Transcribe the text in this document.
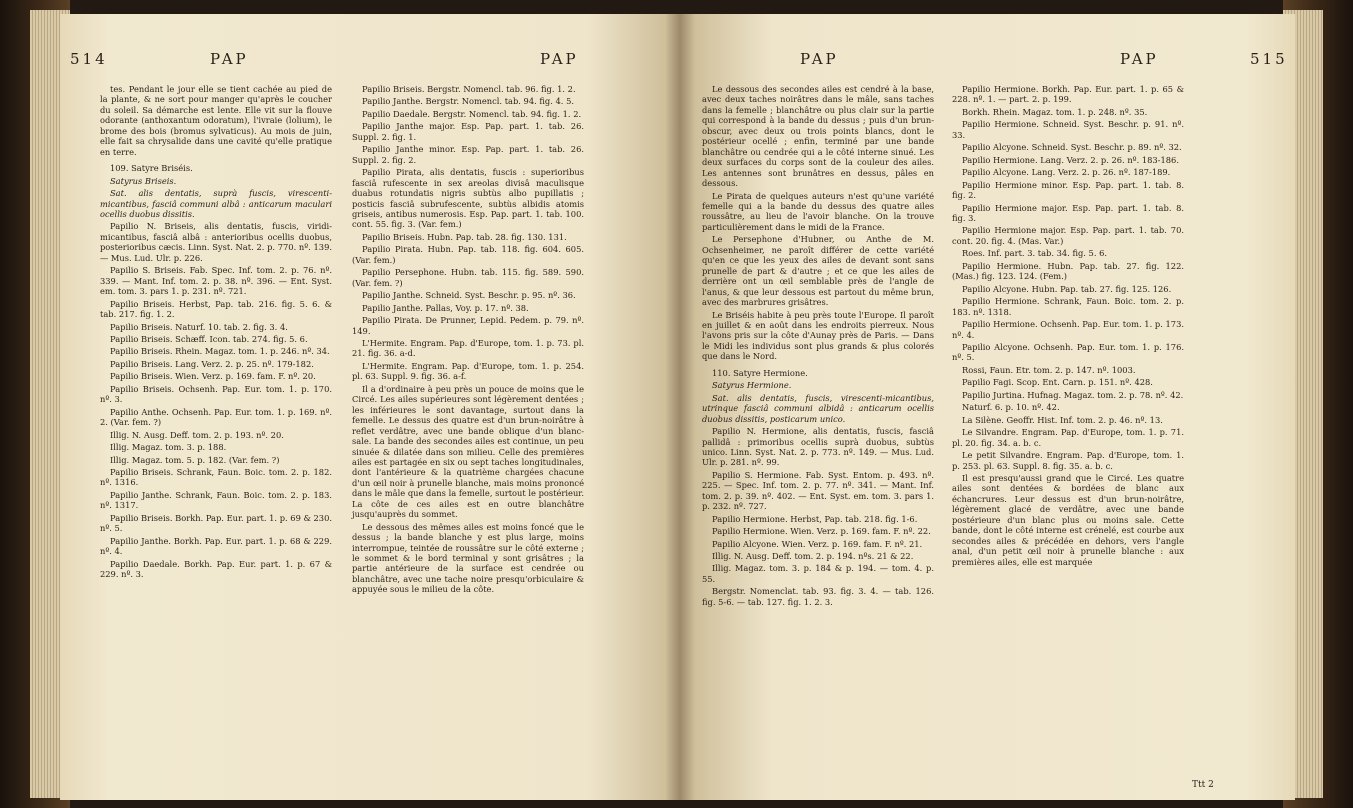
514	PAP	PAP

tes. Pendant le jour elle se tient cachée au pied de la plante, & ne sort pour manger qu'après le coucher du soleil. Sa démarche est lente. Elle vit sur la flouve odorante (anthoxantum odoratum), l'ivraie (lolium), le brome des bois (bromus sylvaticus). Au mois de juin, elle fait sa chrysalide dans une cavité qu'elle pratique en terre.

109. Satyre Briséis.

Satyrus Briseis.

Sat. alis dentatis, suprà fuscis, virescenti-micantibus, fasciâ communi albâ : anticarum maculari ocellis duobus dissitis.

Papilio N. Briseis, alis dentatis, fuscis, viridi-micantibus, fasciâ albâ : anterioribus ocellis duobus, posterioribus cæcis. Linn. Syst. Nat. 2. p. 770. nº. 139. — Mus. Lud. Ulr. p. 226.

Papilio S. Briseis. Fab. Spec. Inf. tom. 2. p. 76. nº. 339. — Mant. Inf. tom. 2. p. 38. nº. 396. — Ent. Syst. em. tom. 3. pars 1. p. 231. nº. 721.

Papilio Briseis. Herbst, Pap. tab. 216. fig. 5. 6. & tab. 217. fig. 1. 2.

Papilio Briseis. Naturf. 10. tab. 2. fig. 3. 4.

Papilio Briseis. Schæff. Icon. tab. 274. fig. 5. 6.

Papilio Briseis. Rhein. Magaz. tom. 1. p. 246. nº. 34.

Papilio Briseis. Lang. Verz. 2. p. 25. nº. 179-182.

Papilio Briseis. Wien. Verz. p. 169. fam. F. nº. 20.

Papilio Briseis. Ochsenh. Pap. Eur. tom. 1. p. 170. nº. 3.

Papilio Anthe. Ochsenh. Pap. Eur. tom. 1. p. 169. nº. 2. (Var. fem. ?)

Illig. N. Ausg. Deff. tom. 2. p. 193. nº. 20.

Illig. Magaz. tom. 3. p. 188.

Illig. Magaz. tom. 5. p. 182. (Var. fem. ?)

Papilio Briseis. Schrank, Faun. Boic. tom. 2. p. 182. nº. 1316.

Papilio Janthe. Schrank, Faun. Boic. tom. 2. p. 183. nº. 1317.

Papilio Briseis. Borkh. Pap. Eur. part. 1. p. 69 & 230. nº. 5.

Papilio Janthe. Borkh. Pap. Eur. part. 1. p. 68 & 229. nº. 4.

Papilio Daedale. Borkh. Pap. Eur. part. 1. p. 67 & 229. nº. 3.

Papilio Briseis. Bergstr. Nomencl. tab. 96. fig. 1. 2.

Papilio Janthe. Bergstr. Nomencl. tab. 94. fig. 4. 5.

Papilio Daedale. Bergstr. Nomencl. tab. 94. fig. 1. 2.

Papilio Janthe major. Esp. Pap. part. 1. tab. 26. Suppl. 2. fig. 1.

Papilio Janthe minor. Esp. Pap. part. 1. tab. 26. Suppl. 2. fig. 2.

Papilio Pirata, alis dentatis, fuscis : superioribus fasciâ rufescente in sex areolas divisâ maculisque duabus rotundatis nigris subtùs albo pupillatis ; posticis fasciâ subrufescente, subtùs albidis atomis griseis, antibus numerosis. Esp. Pap. part. 1. tab. 100. cont. 55. fig. 3. (Var. fem.)

Papilio Briseis. Hubn. Pap. tab. 28. fig. 130. 131.

Papilio Pirata. Hubn. Pap. tab. 118. fig. 604. 605. (Var. fem.)

Papilio Persephone. Hubn. tab. 115. fig. 589. 590. (Var. fem. ?)

Papilio Janthe. Schneid. Syst. Beschr. p. 95. nº. 36.

Papilio Janthe. Pallas, Voy. p. 17. nº. 38.

Papilio Pirata. De Prunner, Lepid. Pedem. p. 79. nº. 149.

L'Hermite. Engram. Pap. d'Europe, tom. 1. p. 73. pl. 21. fig. 36. a-d.

L'Hermite. Engram. Pap. d'Europe, tom. 1. p. 254. pl. 63. Suppl. 9. fig. 36. a-f.

Il a d'ordinaire à peu près un pouce de moins que le Circé. Les ailes supérieures sont légèrement dentées ; les inférieures le sont davantage, surtout dans la femelle. Le dessus des quatre est d'un brun-noirâtre à reflet verdâtre, avec une bande oblique d'un blanc-sale. La bande des secondes ailes est continue, un peu sinuée & dilatée dans son milieu. Celle des premières ailes est partagée en six ou sept taches longitudinales, dont l'antérieure & la quatrième chargées chacune d'un œil noir à prunelle blanche, mais moins prononcé dans le mâle que dans la femelle, surtout le postérieur. La côte de ces ailes est en outre blanchâtre jusqu'auprès du sommet.

Le dessous des mêmes ailes est moins foncé que le dessus ; la bande blanche y est plus large, moins interrompue, teintée de roussâtre sur le côté externe ; le sommet & le bord terminal y sont grisâtres ; la partie antérieure de la surface est cendrée ou blanchâtre, avec une tache noire presqu'orbiculaire & appuyée sous le milieu de la côte.

PAP	PAP	515

Le dessous des secondes ailes est cendré à la base, avec deux taches noirâtres dans le mâle, sans taches dans la femelle ; blanchâtre ou plus clair sur la partie qui correspond à la bande du dessus ; puis d'un brun-obscur, avec deux ou trois points blancs, dont le postérieur ocellé ; enfin, terminé par une bande blanchâtre ou cendrée qui a le côté interne sinué. Les deux surfaces du corps sont de la couleur des ailes. Les antennes sont brunâtres en dessus, pâles en dessous.

Le Pirata de quelques auteurs n'est qu'une variété femelle qui a la bande du dessus des quatre ailes roussâtre, au lieu de l'avoir blanche. On la trouve particulièrement dans le midi de la France.

Le Persephone d'Hubner, ou Anthe de M. Ochsenheimer, ne paroît différer de cette variété qu'en ce que les yeux des ailes de devant sont sans prunelle de part & d'autre ; et ce que les ailes de derrière ont un œil semblable près de l'angle de l'anus, & que leur dessous est partout du même brun, avec des marbrures grisâtres.

Le Briséis habite à peu près toute l'Europe. Il paroît en juillet & en août dans les endroits pierreux. Nous l'avons pris sur la côte d'Aunay près de Paris. — Dans le Midi les individus sont plus grands & plus colorés que dans le Nord.

110. Satyre Hermione.

Satyrus Hermione.

Sat. alis dentatis, fuscis, virescenti-micantibus, utrinque fasciâ communi albidâ : anticarum ocellis duobus dissitis, posticarum unico.

Papilio N. Hermione, alis dentatis, fuscis, fasciâ pallidâ : primoribus ocellis suprà duobus, subtùs unico. Linn. Syst. Nat. 2. p. 773. nº. 149. — Mus. Lud. Ulr. p. 281. nº. 99.

Papilio S. Hermione. Fab. Syst. Entom. p. 493. nº. 225. — Spec. Inf. tom. 2. p. 77. nº. 341. — Mant. Inf. tom. 2. p. 39. nº. 402. — Ent. Syst. em. tom. 3. pars 1. p. 232. nº. 727.

Papilio Hermione. Herbst, Pap. tab. 218. fig. 1-6.

Papilio Hermione. Wien. Verz. p. 169. fam. F. nº. 22.

Papilio Alcyone. Wien. Verz. p. 169. fam. F. nº. 21.

Illig. N. Ausg. Deff. tom. 2. p. 194. nºs. 21 & 22.

Illig. Magaz. tom. 3. p. 184 & p. 194. — tom. 4. p. 55.

Bergstr. Nomenclat. tab. 93. fig. 3. 4. — tab. 126. fig. 5-6. — tab. 127. fig. 1. 2. 3.

Papilio Hermione. Borkh. Pap. Eur. part. 1. p. 65 & 228. nº. 1. — part. 2. p. 199.

Borkh. Rhein. Magaz. tom. 1. p. 248. nº. 35.

Papilio Hermione. Schneid. Syst. Beschr. p. 91. nº. 33.

Papilio Alcyone. Schneid. Syst. Beschr. p. 89. nº. 32.

Papilio Hermione. Lang. Verz. 2. p. 26. nº. 183-186.

Papilio Alcyone. Lang. Verz. 2. p. 26. nº. 187-189.

Papilio Hermione minor. Esp. Pap. part. 1. tab. 8. fig. 2.

Papilio Hermione major. Esp. Pap. part. 1. tab. 8. fig. 3.

Papilio Hermione major. Esp. Pap. part. 1. tab. 70. cont. 20. fig. 4. (Mas. Var.)

Roes. Inf. part. 3. tab. 34. fig. 5. 6.

Papilio Hermione. Hubn. Pap. tab. 27. fig. 122. (Mas.) fig. 123. 124. (Fem.)

Papilio Alcyone. Hubn. Pap. tab. 27. fig. 125. 126.

Papilio Hermione. Schrank, Faun. Boic. tom. 2. p. 183. nº. 1318.

Papilio Hermione. Ochsenh. Pap. Eur. tom. 1. p. 173. nº. 4.

Papilio Alcyone. Ochsenh. Pap. Eur. tom. 1. p. 176. nº. 5.

Rossi, Faun. Etr. tom. 2. p. 147. nº. 1003.

Papilio Fagi. Scop. Ent. Carn. p. 151. nº. 428.

Papilio Jurtina. Hufnag. Magaz. tom. 2. p. 78. nº. 42.

Naturf. 6. p. 10. nº. 42.

La Silène. Geoffr. Hist. Inf. tom. 2. p. 46. nº. 13.

Le Silvandre. Engram. Pap. d'Europe, tom. 1. p. 71. pl. 20. fig. 34. a. b. c.

Le petit Silvandre. Engram. Pap. d'Europe, tom. 1. p. 253. pl. 63. Suppl. 8. fig. 35. a. b. c.

Il est presqu'aussi grand que le Circé. Les quatre ailes sont dentées & bordées de blanc aux échancrures. Leur dessus est d'un brun-noirâtre, légèrement glacé de verdâtre, avec une bande postérieure d'un blanc plus ou moins sale. Cette bande, dont le côté interne est crénelé, est courbe aux secondes ailes & précédée en dehors, vers l'angle anal, d'un petit œil noir à prunelle blanche : aux premières ailes, elle est marquée

Ttt 2
